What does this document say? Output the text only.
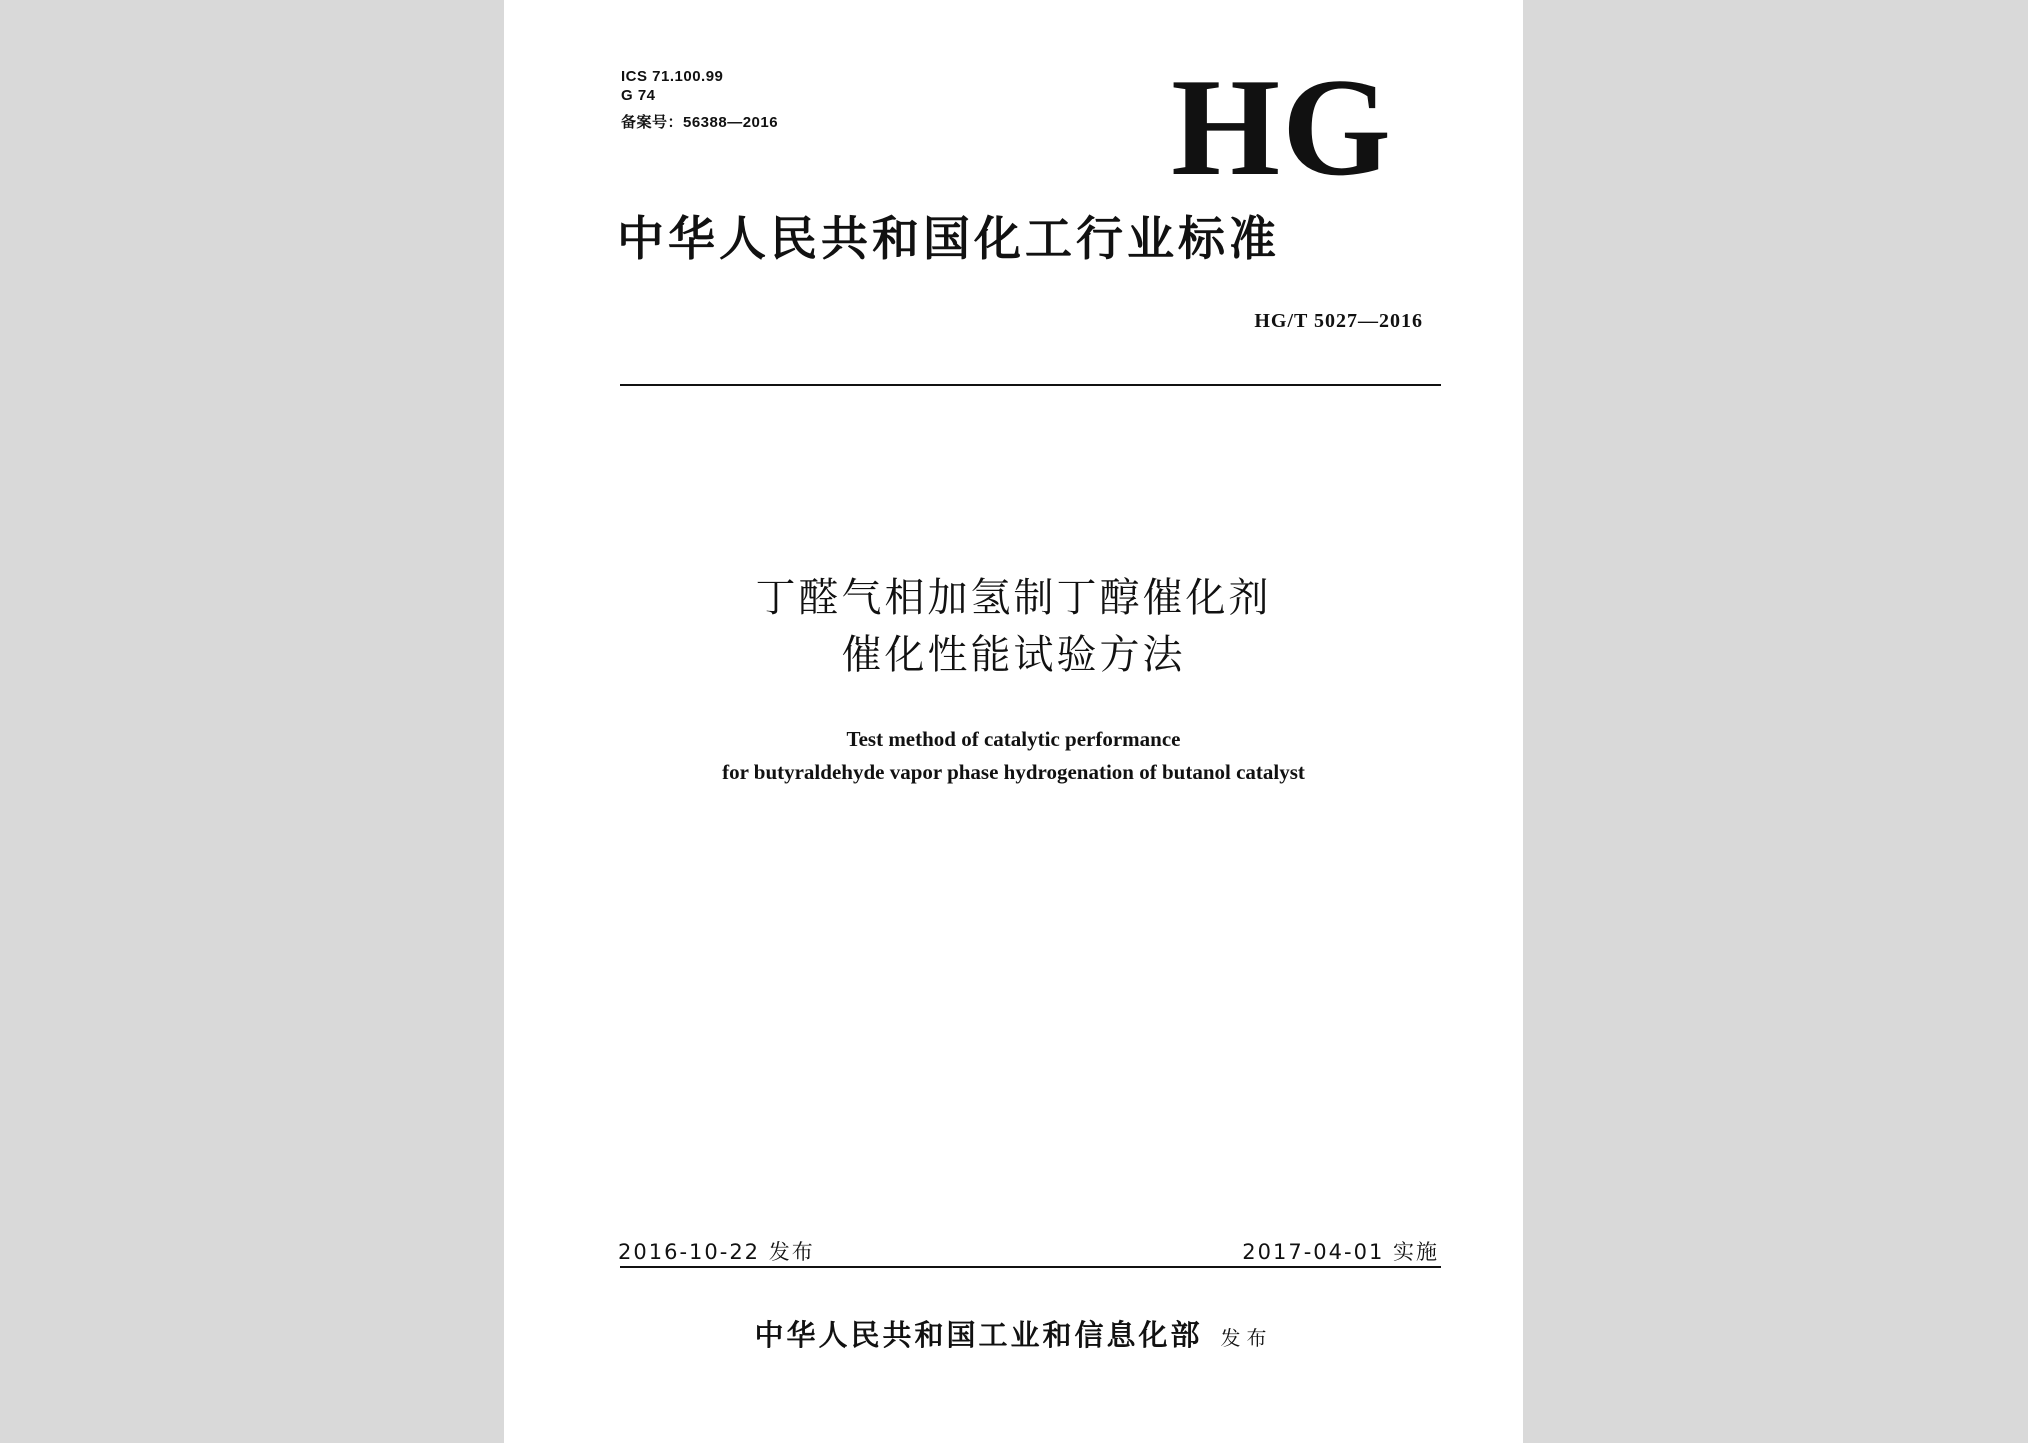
ICS 71.100.99
G 74
备案号：56388—2016	HG
中华人民共和国化工行业标准
HG/T 5027—2016
丁醛气相加氢制丁醇催化剂
催化性能试验方法
Test method of catalytic performance
for butyraldehyde vapor phase hydrogenation of butanol catalyst
2016-10-22 发布	2017-04-01 实施
中华人民共和国工业和信息化部 发布
